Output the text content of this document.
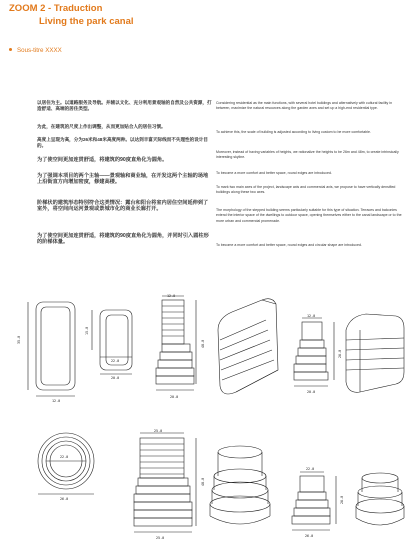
ZOOM 2 - Traduction
Living the park canal
Sous-titre XXXX
以居住为主。以道路服务及导航。并辅以文化、充分利用景观轴的自然及公共资源，打造舒适、高端的居住类型。
为此，在建筑的尺度上作出调整，从而更加贴合人的居住习惯。
高度上呈现为高，分为26米和48米高度两种。以达到丰富天际线而不失理性的设计目的。
为了使空间更加连贯舒适，将建筑的90度直角化为圆角。
为了强调本项目的两个主轴——景观轴和商业轴，在开发这两个主轴的场地上沿街直方向增加密度，修建高楼。
阶梯状的建筑形态特别符合这类情况：露台和阳台将室内居住空间延伸到了室外，将空间向运河景观或景城市化的商业长廊打开。
为了使空间更加连贯舒适，将建筑的90度直角化为圆角，并同时引入圆柱形的阶梯体量。
Considering residential as the main functions, with several hotel buildings and alternatively with cultural facility in between, maximize the natural resources along the garden axes and set up a high-end residential type.
To achieve this, the scale of building is adjusted according to living custom to be more comfortable.
Moreover, instead of having variables of heights, we rationalize the heights to be 26m and 48m, to create intrinsically interesting skyline.
To become a more comfort and better space, round edges are introduced.
To mark two main axes of the project, landscape axis and commercial axis, we propose to have vertically densified buildings along these two axes.
The morphology of the stepped building seems particularly suitable for this type of situation. Terraces and balconies extend the interior space of the dwellings to outdoor space, opening themselves either to the canal landscape or to the more urban and commercial promenade.
To become a more comfort and better space, round edges and circular shape are introduced.
35.0
12.0
15.0
22.0
20.0
12.0
48.0
20.0
12.0
26.0
20.0
22.0
26.0
25.0
48.0
25.0
22.0
26.0
26.0
